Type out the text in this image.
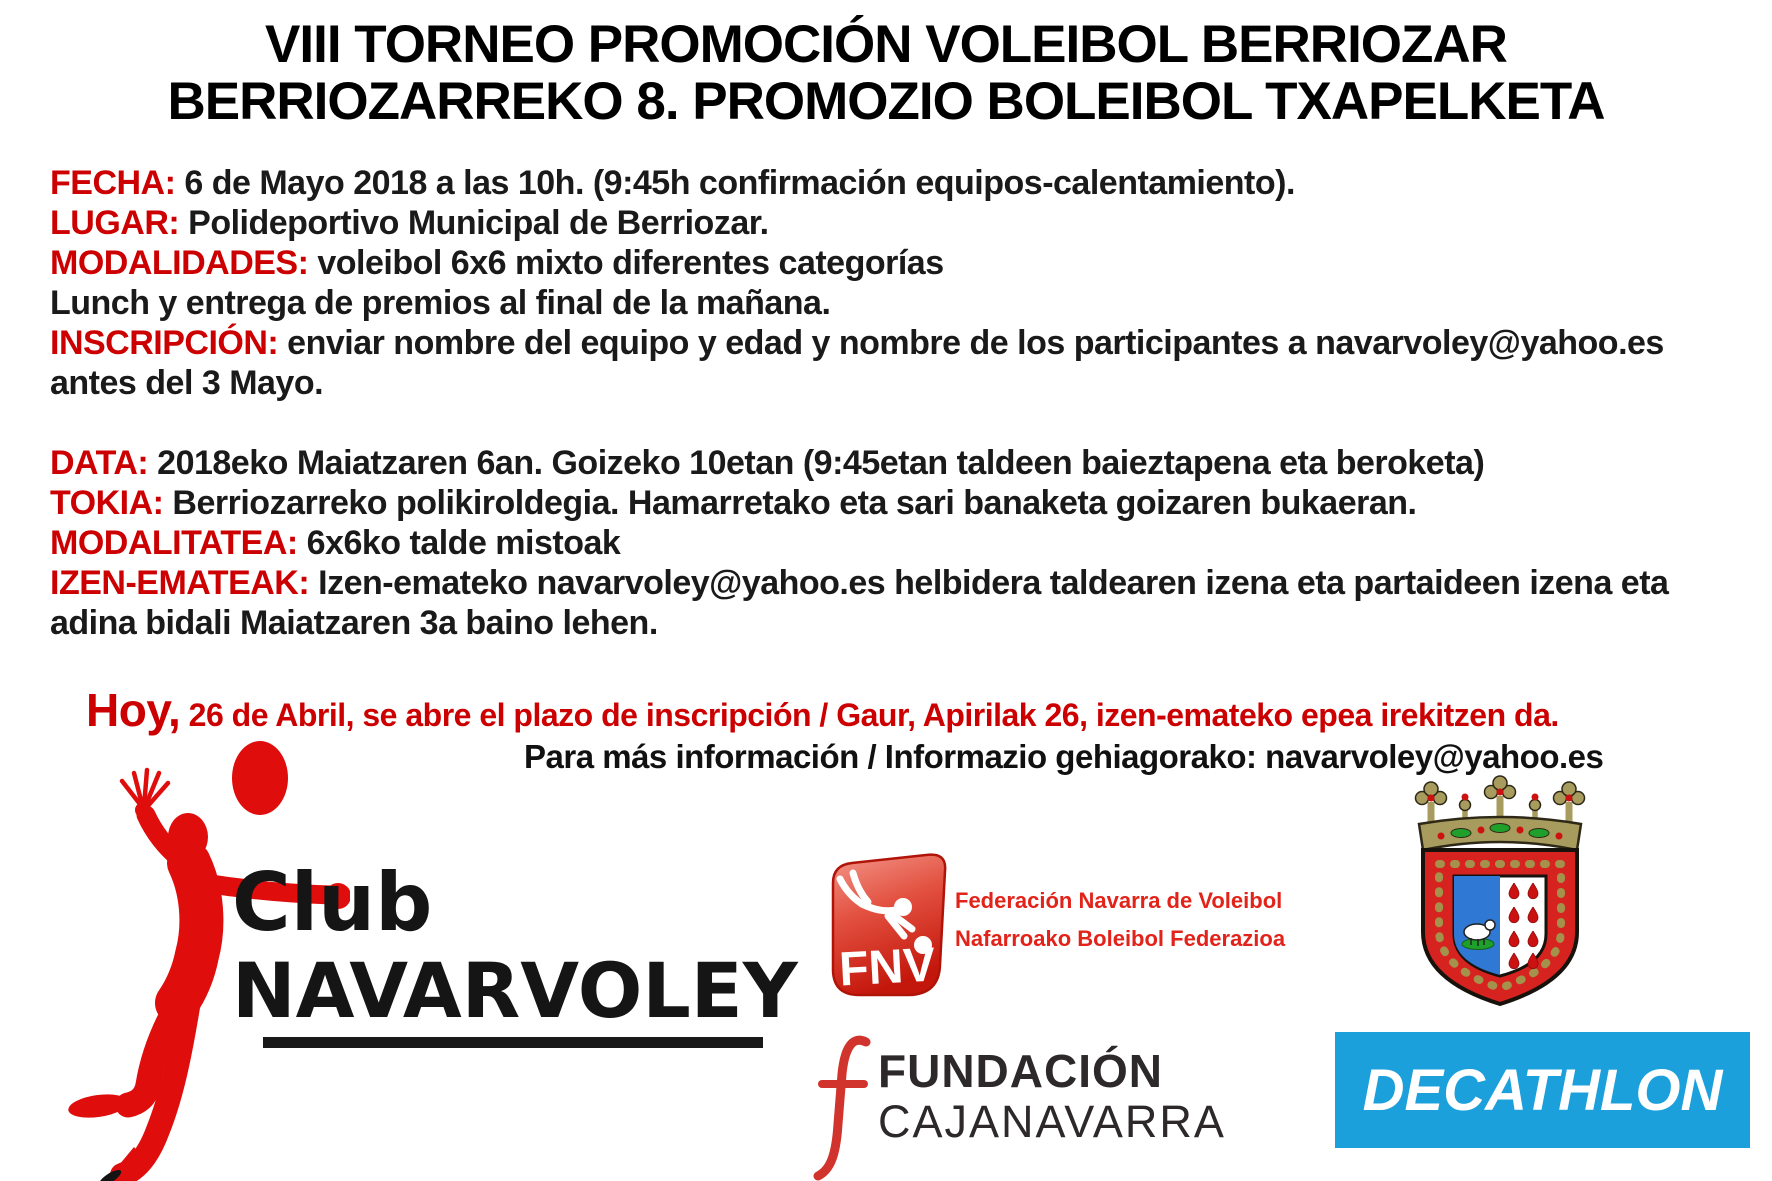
VIII TORNEO PROMOCIÓN VOLEIBOL BERRIOZAR
BERRIOZARREKO 8. PROMOZIO BOLEIBOL TXAPELKETA
FECHA: 6 de Mayo 2018 a las 10h. (9:45h confirmación equipos-calentamiento).
LUGAR: Polideportivo Municipal de Berriozar.
MODALIDADES: voleibol 6x6 mixto diferentes categorías
Lunch y entrega de premios al final de la mañana.
INSCRIPCIÓN: enviar nombre del equipo y edad y nombre de los participantes a navarvoley@yahoo.es
antes del 3 Mayo.
DATA: 2018eko Maiatzaren 6an. Goizeko 10etan (9:45etan taldeen baieztapena eta beroketa)
TOKIA: Berriozarreko polikiroldegia. Hamarretako eta sari banaketa goizaren bukaeran.
MODALITATEA: 6x6ko talde mistoak
IZEN-EMATEAK: Izen-emateko navarvoley@yahoo.es helbidera taldearen izena eta partaideen izena eta
adina bidali Maiatzaren 3a baino lehen.
Hoy, 26 de Abril, se abre el plazo de inscripción / Gaur, Apirilak 26, izen-emateko epea irekitzen da.
Para más información / Informazio gehiagorako: navarvoley@yahoo.es
Club
NAVARVOLEY FNV
Federación Navarra de Voleibol
Nafarroako Boleibol Federazioa
FUNDACIÓN
CAJANAVARRA DECATHLON
